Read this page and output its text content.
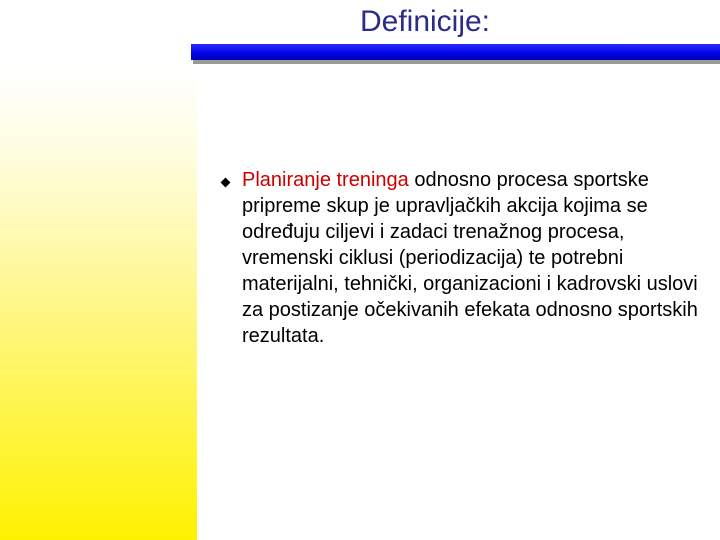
Definicije:
Planiranje treninga odnosno procesa sportske pripreme skup je upravljačkih akcija kojima se određuju ciljevi i zadaci trenažnog procesa, vremenski ciklusi (periodizacija) te potrebni materijalni, tehnički, organizacioni i kadrovski uslovi za postizanje očekivanih efekata odnosno sportskih rezultata.
